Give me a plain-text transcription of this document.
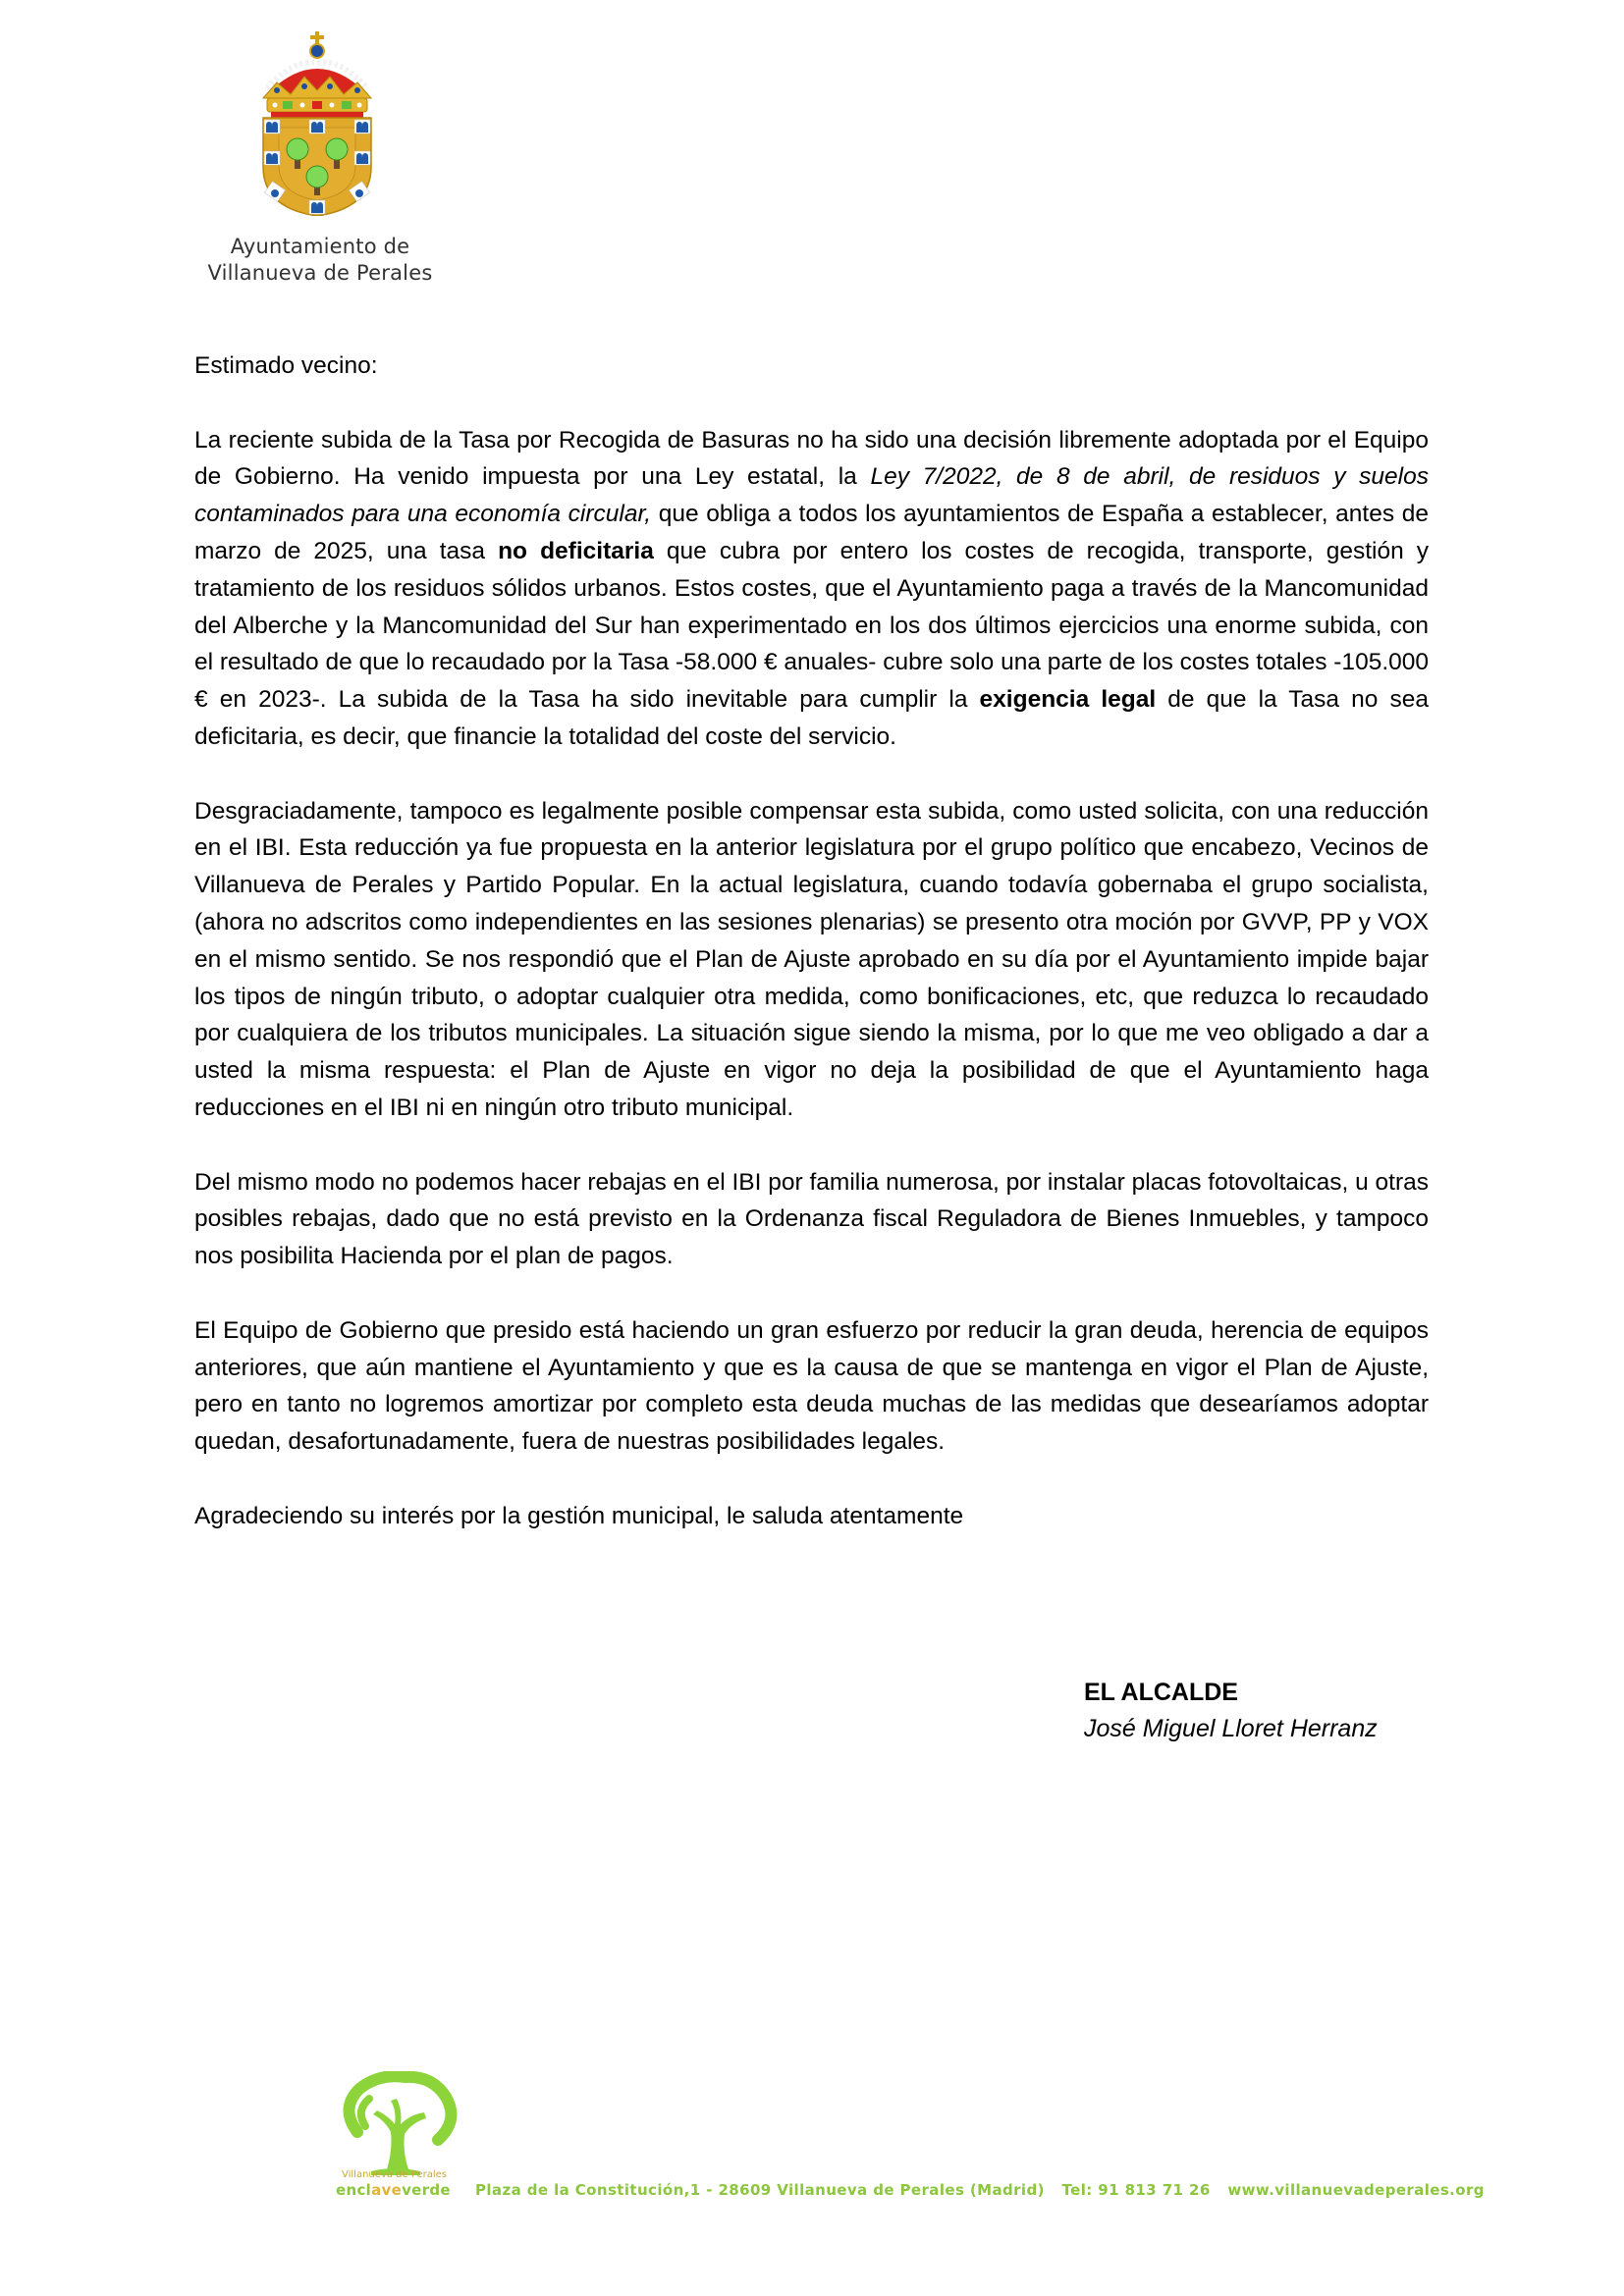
Ayuntamiento de
Villanueva de Perales

Estimado vecino:

La reciente subida de la Tasa por Recogida de Basuras no ha sido una decisión libremente adoptada por el Equipo de Gobierno. Ha venido impuesta por una Ley estatal, la Ley 7/2022, de 8 de abril, de residuos y suelos contaminados para una economía circular, que obliga a todos los ayuntamientos de España a establecer, antes de marzo de 2025, una tasa no deficitaria que cubra por entero los costes de recogida, transporte, gestión y tratamiento de los residuos sólidos urbanos. Estos costes, que el Ayuntamiento paga a través de la Mancomunidad del Alberche y la Mancomunidad del Sur han experimentado en los dos últimos ejercicios una enorme subida, con el resultado de que lo recaudado por la Tasa -58.000 € anuales- cubre solo una parte de los costes totales -105.000 € en 2023-. La subida de la Tasa ha sido inevitable para cumplir la exigencia legal de que la Tasa no sea deficitaria, es decir, que financie la totalidad del coste del servicio.

Desgraciadamente, tampoco es legalmente posible compensar esta subida, como usted solicita, con una reducción en el IBI. Esta reducción ya fue propuesta en la anterior legislatura por el grupo político que encabezo, Vecinos de Villanueva de Perales y Partido Popular. En la actual legislatura, cuando todavía gobernaba el grupo socialista, (ahora no adscritos como independientes en las sesiones plenarias) se presento otra moción por GVVP, PP y VOX en el mismo sentido. Se nos respondió que el Plan de Ajuste aprobado en su día por el Ayuntamiento impide bajar los tipos de ningún tributo, o adoptar cualquier otra medida, como bonificaciones, etc, que reduzca lo recaudado por cualquiera de los tributos municipales. La situación sigue siendo la misma, por lo que me veo obligado a dar a usted la misma respuesta: el Plan de Ajuste en vigor no deja la posibilidad de que el Ayuntamiento haga reducciones en el IBI ni en ningún otro tributo municipal.

Del mismo modo no podemos hacer rebajas en el IBI por familia numerosa, por instalar placas fotovoltaicas, u otras posibles rebajas, dado que no está previsto en la Ordenanza fiscal Reguladora de Bienes Inmuebles, y tampoco nos posibilita Hacienda por el plan de pagos.

El Equipo de Gobierno que presido está haciendo un gran esfuerzo por reducir la gran deuda, herencia de equipos anteriores, que aún mantiene el Ayuntamiento y que es la causa de que se mantenga en vigor el Plan de Ajuste, pero en tanto no logremos amortizar por completo esta deuda muchas de las medidas que desearíamos adoptar quedan, desafortunadamente, fuera de nuestras posibilidades legales.

Agradeciendo su interés por la gestión municipal, le saluda atentamente

EL ALCALDE
José Miguel Lloret Herranz
Villanueva de Perales
enclaveverde Plaza de la Constitución,1 - 28609 Villanueva de Perales (Madrid) Tel: 91 813 71 26 www.villanuevadeperales.org
